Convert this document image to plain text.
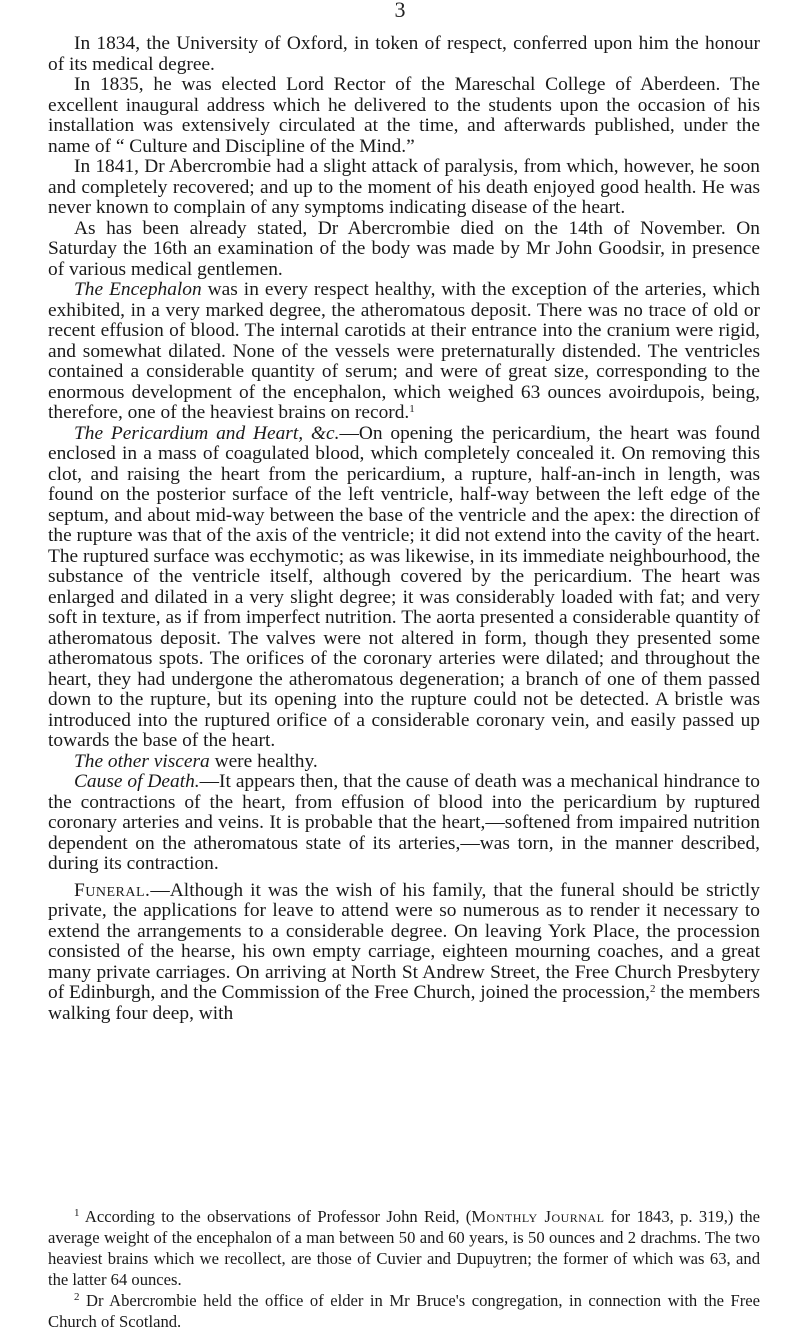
3

In 1834, the University of Oxford, in token of respect, conferred upon him the honour of its medical degree.

In 1835, he was elected Lord Rector of the Mareschal College of Aberdeen. The excellent inaugural address which he delivered to the students upon the occasion of his installation was extensively circulated at the time, and afterwards published, under the name of “ Culture and Discipline of the Mind.”

In 1841, Dr Abercrombie had a slight attack of paralysis, from which, however, he soon and completely recovered; and up to the moment of his death enjoyed good health. He was never known to complain of any symptoms indicating disease of the heart.

As has been already stated, Dr Abercrombie died on the 14th of November. On Saturday the 16th an examination of the body was made by Mr John Goodsir, in presence of various medical gentlemen.

The Encephalon was in every respect healthy, with the exception of the arteries, which exhibited, in a very marked degree, the atheromatous deposit. There was no trace of old or recent effusion of blood. The internal carotids at their entrance into the cranium were rigid, and somewhat dilated. None of the vessels were preternaturally distended. The ventricles contained a considerable quantity of serum; and were of great size, corresponding to the enormous development of the encephalon, which weighed 63 ounces avoirdupois, being, therefore, one of the heaviest brains on record.$^1$

The Pericardium and Heart, &c.—On opening the pericardium, the heart was found enclosed in a mass of coagulated blood, which completely concealed it. On removing this clot, and raising the heart from the pericardium, a rupture, half-an-inch in length, was found on the posterior surface of the left ventricle, half-way between the left edge of the septum, and about mid-way between the base of the ventricle and the apex: the direction of the rupture was that of the axis of the ventricle; it did not extend into the cavity of the heart. The ruptured surface was ecchymotic; as was likewise, in its immediate neighbourhood, the substance of the ventricle itself, although covered by the pericardium. The heart was enlarged and dilated in a very slight degree; it was considerably loaded with fat; and very soft in texture, as if from imperfect nutrition. The aorta presented a considerable quantity of atheromatous deposit. The valves were not altered in form, though they presented some atheromatous spots. The orifices of the coronary arteries were dilated; and throughout the heart, they had undergone the atheromatous degeneration; a branch of one of them passed down to the rupture, but its opening into the rupture could not be detected. A bristle was introduced into the ruptured orifice of a considerable coronary vein, and easily passed up towards the base of the heart.

The other viscera were healthy.

Cause of Death.—It appears then, that the cause of death was a mechanical hindrance to the contractions of the heart, from effusion of blood into the pericardium by ruptured coronary arteries and veins. It is probable that the heart,—softened from impaired nutrition dependent on the atheromatous state of its arteries,—was torn, in the manner described, during its contraction.

Funeral.—Although it was the wish of his family, that the funeral should be strictly private, the applications for leave to attend were so numerous as to render it necessary to extend the arrangements to a considerable degree. On leaving York Place, the procession consisted of the hearse, his own empty carriage, eighteen mourning coaches, and a great many private carriages. On arriving at North St Andrew Street, the Free Church Presbytery of Edinburgh, and the Commission of the Free Church, joined the procession,$^2$ the members walking four deep, with

$^1$ According to the observations of Professor John Reid, (Monthly Journal for 1843, p. 319,) the average weight of the encephalon of a man between 50 and 60 years, is 50 ounces and 2 drachms. The two heaviest brains which we recollect, are those of Cuvier and Dupuytren; the former of which was 63, and the latter 64 ounces.

$^2$ Dr Abercrombie held the office of elder in Mr Bruce's congregation, in connection with the Free Church of Scotland.
